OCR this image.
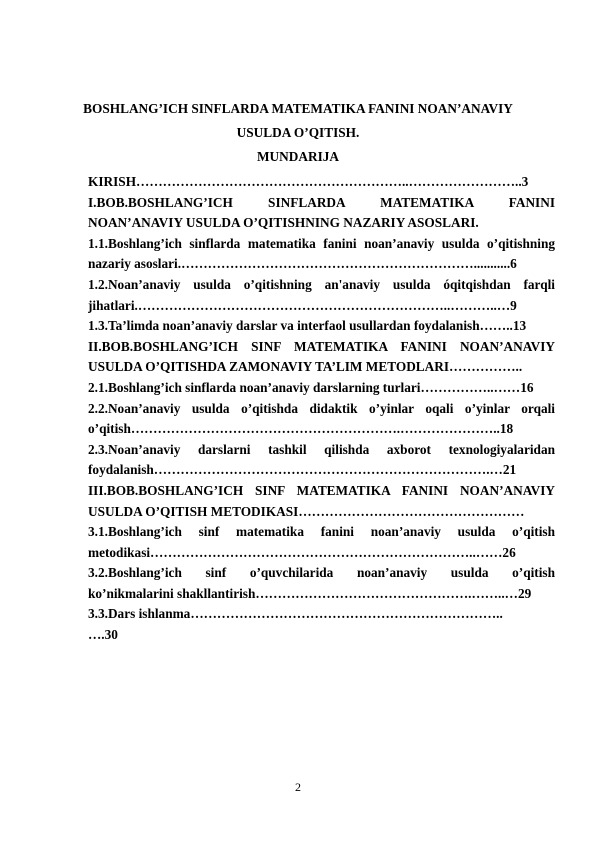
BOSHLANG’ICH SINFLARDA MATEMATIKA FANINI NOAN’ANAVIY
USULDA O’QITISH.
MUNDARIJA
KIRISH……………………………………………………..……………………..3
I.BOB.BOSHLANG’ICH SINFLARDA MATEMATIKA FANINI
NOAN’ANAVIY USULDA O’QITISHNING NAZARIY ASOSLARI.
1.1.Boshlang’ich sinflarda matematika fanini noan’anaviy usulda o’qitishning
nazariy asoslari.…………………………………………………………...........6
1.2.Noan’anaviy usulda o’qitishning an'anaviy usulda óqitqishdan farqli
jihatlari.……………………………………………………………..………..…9
1.3.Ta’limda noan’anaviy darslar va interfaol usullardan foydalanish……..13
II.BOB.BOSHLANG’ICH SINF MATEMATIKA FANINI NOAN’ANAVIY
USULDA O’QITISHDA ZAMONAVIY TA’LIM METODLARI……………..
2.1.Boshlang’ich sinflarda noan’anaviy darslarning turlari……………..……16
2.2.Noan’anaviy usulda o’qitishda didaktik o’yinlar oqali o’yinlar orqali
o’qitish…………………………………………………….…………………..18
2.3.Noan’anaviy darslarni tashkil qilishda axborot texnologiyalaridan
foydalanish………………………………………………………………….…21
III.BOB.BOSHLANG’ICH SINF MATEMATIKA FANINI NOAN’ANAVIY
USULDA O’QITISH METODIKASI……………………………………………
3.1.Boshlang’ich sinf matematika fanini noan’anaviy usulda o’qitish
metodikasi………………………………………………………………..……26
3.2.Boshlang’ich sinf o’quvchilarida noan’anaviy usulda o’qitish
ko’nikmalarini shakllantirish………………………………………….……..…29
3.3.Dars ishlanma……………………………………………………………..
….30
2
